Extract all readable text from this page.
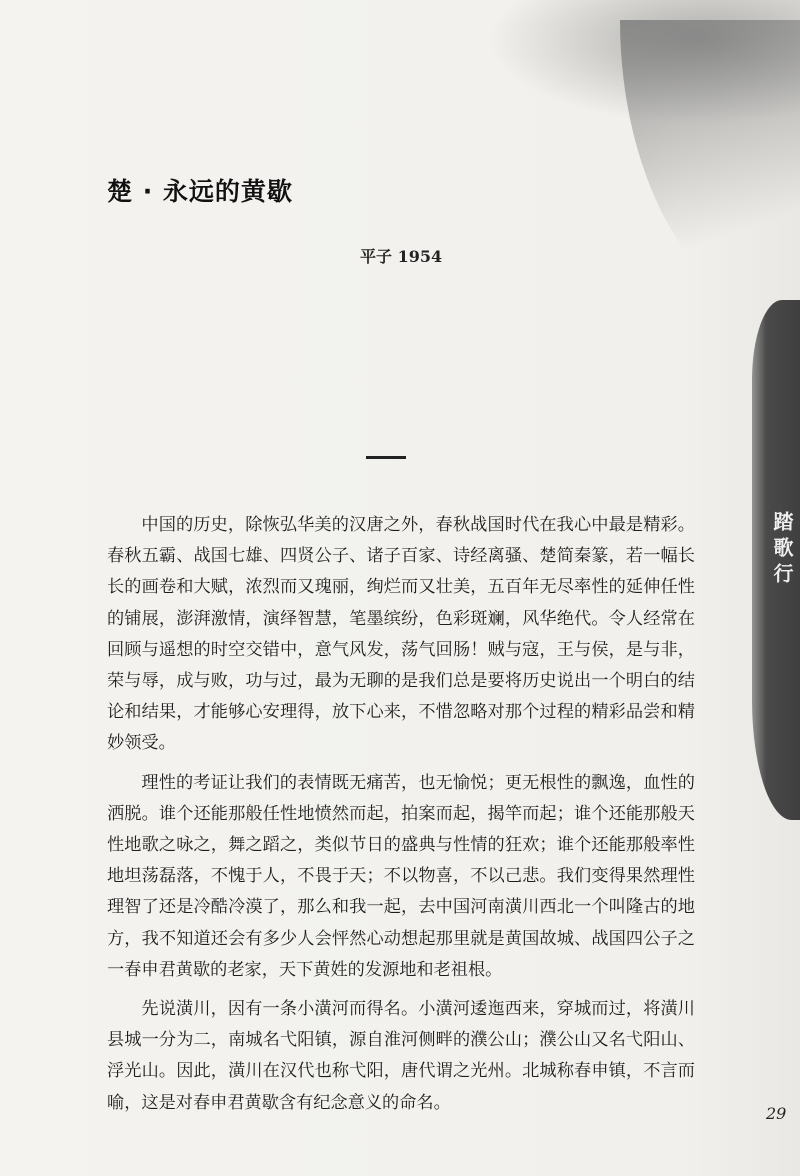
踏歌行

楚 · 永远的黄歇
平子 1954

中国的历史，除恢弘华美的汉唐之外，春秋战国时代在我心中最是精彩。春秋五霸、战国七雄、四贤公子、诸子百家、诗经离骚、楚简秦篆，若一幅长长的画卷和大赋，浓烈而又瑰丽，绚烂而又壮美，五百年无尽率性的延伸任性的铺展，澎湃激情，演绎智慧，笔墨缤纷，色彩斑斓，风华绝代。令人经常在回顾与遥想的时空交错中，意气风发，荡气回肠！贼与寇，王与侯，是与非，荣与辱，成与败，功与过，最为无聊的是我们总是要将历史说出一个明白的结论和结果，才能够心安理得，放下心来，不惜忽略对那个过程的精彩品尝和精妙领受。

理性的考证让我们的表情既无痛苦，也无愉悦；更无根性的飘逸，血性的洒脱。谁个还能那般任性地愤然而起，拍案而起，揭竿而起；谁个还能那般天性地歌之咏之，舞之蹈之，类似节日的盛典与性情的狂欢；谁个还能那般率性地坦荡磊落，不愧于人，不畏于天；不以物喜，不以己悲。我们变得果然理性理智了还是冷酷冷漠了，那么和我一起，去中国河南潢川西北一个叫隆古的地方，我不知道还会有多少人会怦然心动想起那里就是黄国故城、战国四公子之一春申君黄歇的老家，天下黄姓的发源地和老祖根。

先说潢川，因有一条小潢河而得名。小潢河逶迤西来，穿城而过，将潢川县城一分为二，南城名弋阳镇，源自淮河侧畔的濮公山；濮公山又名弋阳山、浮光山。因此，潢川在汉代也称弋阳，唐代谓之光州。北城称春申镇，不言而喻，这是对春申君黄歇含有纪念意义的命名。

29
